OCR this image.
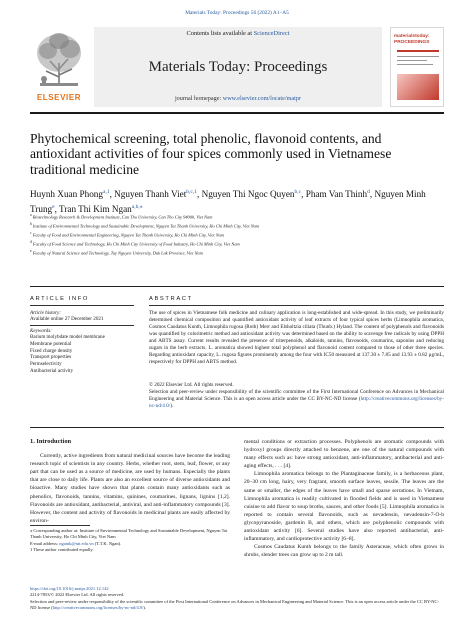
Materials Today: Proceedings 56 (2022) A1–A5
ELSEVIER
Contents lists available at ScienceDirect
Materials Today: Proceedings
journal homepage: www.elsevier.com/locate/matpr
materialstoday: PROCEEDINGS
Phytochemical screening, total phenolic, flavonoid contents, and antioxidant activities of four spices commonly used in Vietnamese traditional medicine
Huynh Xuan Phong$^{a,1}$, Nguyen Thanh Viet$^{b,c,1}$, Nguyen Thi Ngoc Quyen$^{b,c}$, Pham Van Thinh$^d$, Nguyen Minh Trung$^e$, Tran Thi Kim Ngan$^{a,b,⁎}$
$^a$ Biotechnology Research & Development Institute, Can Tho University, Can Tho City 94000, Viet Nam
$^b$ Institute of Environmental Technology and Sustainable Development, Nguyen Tat Thanh University, Ho Chi Minh City, Viet Nam
$^c$ Faculty of Food and Environmental Engineering, Nguyen Tat Thanh University, Ho Chi Minh City, Viet Nam
$^d$ Faculty of Food Science and Technology, Ho Chi Minh City University of Food Industry, Ho Chi Minh City, Viet Nam
$^e$ Faculty of Natural Science and Technology, Tay Nguyen University, Dak Lak Province, Viet Nam
ARTICLE INFO
Article history:
Available online 27 December 2021
Keywords:
Barium molybdate model membrane
Membrane potential
Fixed charge density
Transport properties
Permselectivity
Antibacterial activity
ABSTRACT
The use of spices in Vietnamese folk medicine and culinary application is long-established and wide-spread. In this study, we preliminarily determined chemical composition and quantified antioxidant activity of leaf extracts of four typical spices herbs (Limnophila aromatica, Cosmos Caudatus Kunth, Limnophila rugosa (Roth) Merr and Elsholtzia ciliata (Thunb.) Hyland. The content of polyphenols and flavonoids was quantified by colorimetric method and antioxidant activity was determined based on the ability to scavenge free radicals by using DPPH and ABTS assay. Current results revealed the presence of triterpenoids, alkaloids, tannins, flavonoids, coumarins, saponins and reducing sugars in the herb extracts. L. aromatica showed highest total polyphenol and flavonoid content compared to those of other three species. Regarding antioxidant capacity, L. rugosa figures prominently among the four with IC50 measured at 137.30 ± 7.85 and 13.93 ± 0.82 μg/mL, respectively for DPPH and ABTS method.
© 2022 Elsevier Ltd. All rights reserved.
Selection and peer-review under responsibility of the scientific committee of the First International Conference on Advances in Mechanical Engineering and Material Science. This is an open access article under the CC BY-NC-ND license (http://creativecommons.org/licenses/by-nc-nd/4.0/).
1. Introduction

Currently, active ingredients from natural medicinal sources have become the leading research topic of scientists in any country. Herbs, whether root, stem, leaf, flower, or any part that can be used as a source of medicine, are used by humans. Especially the plants that are close to daily life. Plants are also an excellent source of diverse antioxidants and bioactive. Many studies have shown that plants contain many antioxidants such as phenolics, flavonoids, tannins, vitamins, quinines, coumarines, lignans, lignins [1,2]. Flavonoids are antioxidant, antibacterial, antiviral, and anti-inflammatory compounds [3]. However, the content and activity of flavonoids in medicinal plants are easily affected by environ-

⁎ Corresponding author at: Institute of Environmental Technology and Sustainable Development, Nguyen Tat Thanh University, Ho Chi Minh City, Viet Nam
E-mail address: ngantk@ntt.edu.vn (T.T.K. Ngan).
1 These author contributed equally.

mental conditions or extraction processes. Polyphenols are aromatic compounds with hydroxyl groups directly attached to benzene, are one of the natural compounds with many effects such as: have strong antioxidant, anti-inflammatory, antibacterial and anti-aging effects, . . . [4].

Limnophila aromatica belongs to the Plantaginaceae family, is a herbaceous plant, 20–30 cm long, hairy, very fragrant, smooth surface leaves, sessile. The leaves are the same or smaller, the edges of the leaves have small and sparse serrations. In Vietnam, Limnophila aromatica is readily cultivated in flooded fields and is used in Vietnamese cuisine to add flavor to soup broths, sauces, and other foods [5]. Limnophila aromatica is reported to contain several flavonoids, such as nevadensin, nevadensin-7-O-b glycopyranoside, gardenin B, and others, which are polyphenolic compounds with antioxidant activity [6]. Several studies have also reported antibacterial, anti-inflammatory, and cardioprotective activity [6–8].

Cosmos Caudatus Kunth belongs to the family Asteraceae, which often grows in shrubs, slender trees can grow up to 2 m tall.

https://doi.org/10.1016/j.matpr.2021.12.142
2214-7853/© 2022 Elsevier Ltd. All rights reserved.
Selection and peer-review under responsibility of the scientific committee of the First International Conference on Advances in Mechanical Engineering and Material Science. This is an open access article under the CC BY-NC-ND license (http://creativecommons.org/licenses/by-nc-nd/4.0/).
